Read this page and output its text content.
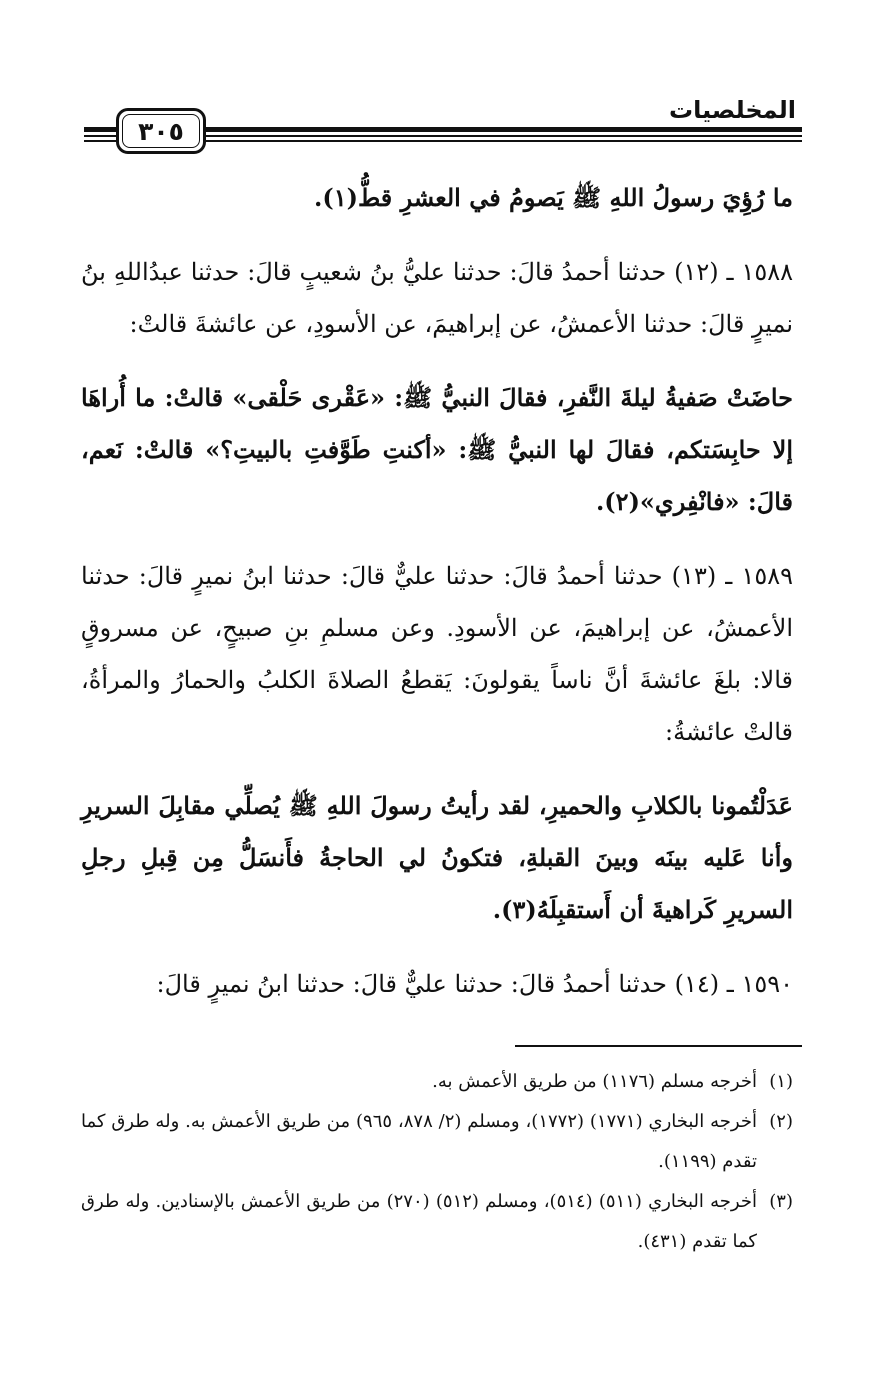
المخلصيات
٣٠٥

ما رُؤِيَ رسولُ اللهِ ﷺ يَصومُ في العشرِ قطُّ(١).

١٥٨٨ ـ (١٢) حدثنا أحمدُ قالَ: حدثنا عليُّ بنُ شعيبٍ قالَ: حدثنا عبدُاللهِ بنُ نميرٍ قالَ: حدثنا الأعمشُ، عن إبراهيمَ، عن الأسودِ، عن عائشةَ قالتْ:

حاضَتْ صَفيةُ ليلةَ النَّفرِ، فقالَ النبيُّ ﷺ: «عَقْرى حَلْقى» قالتْ: ما أُراهَا إلا حابِسَتكم، فقالَ لها النبيُّ ﷺ: «أكنتِ طَوَّفتِ بالبيتِ؟» قالتْ: نَعم، قالَ: «فانْفِري»(٢).

١٥٨٩ ـ (١٣) حدثنا أحمدُ قالَ: حدثنا عليٌّ قالَ: حدثنا ابنُ نميرٍ قالَ: حدثنا الأعمشُ، عن إبراهيمَ، عن الأسودِ. وعن مسلمِ بنِ صبيحٍ، عن مسروقٍ قالا: بلغَ عائشةَ أنَّ ناساً يقولونَ: يَقطعُ الصلاةَ الكلبُ والحمارُ والمرأةُ، قالتْ عائشةُ:

عَدَلْتُمونا بالكلابِ والحميرِ، لقد رأيتُ رسولَ اللهِ ﷺ يُصلِّي مقابِلَ السريرِ وأنا عَليه بينَه وبينَ القبلةِ، فتكونُ لي الحاجةُ فأَنسَلُّ مِن قِبلِ رجلِ السريرِ كَراهيةَ أن أَستقبِلَهُ(٣).

١٥٩٠ ـ (١٤) حدثنا أحمدُ قالَ: حدثنا عليٌّ قالَ: حدثنا ابنُ نميرٍ قالَ:

(١)
أخرجه مسلم (١١٧٦) من طريق الأعمش به.

(٢)
أخرجه البخاري (١٧٧١) (١٧٧٢)، ومسلم (٢/ ٨٧٨، ٩٦٥) من طريق الأعمش به. وله طرق كما تقدم (١١٩٩).

(٣)
أخرجه البخاري (٥١١) (٥١٤)، ومسلم (٥١٢) (٢٧٠) من طريق الأعمش بالإسنادين. وله طرق كما تقدم (٤٣١).
